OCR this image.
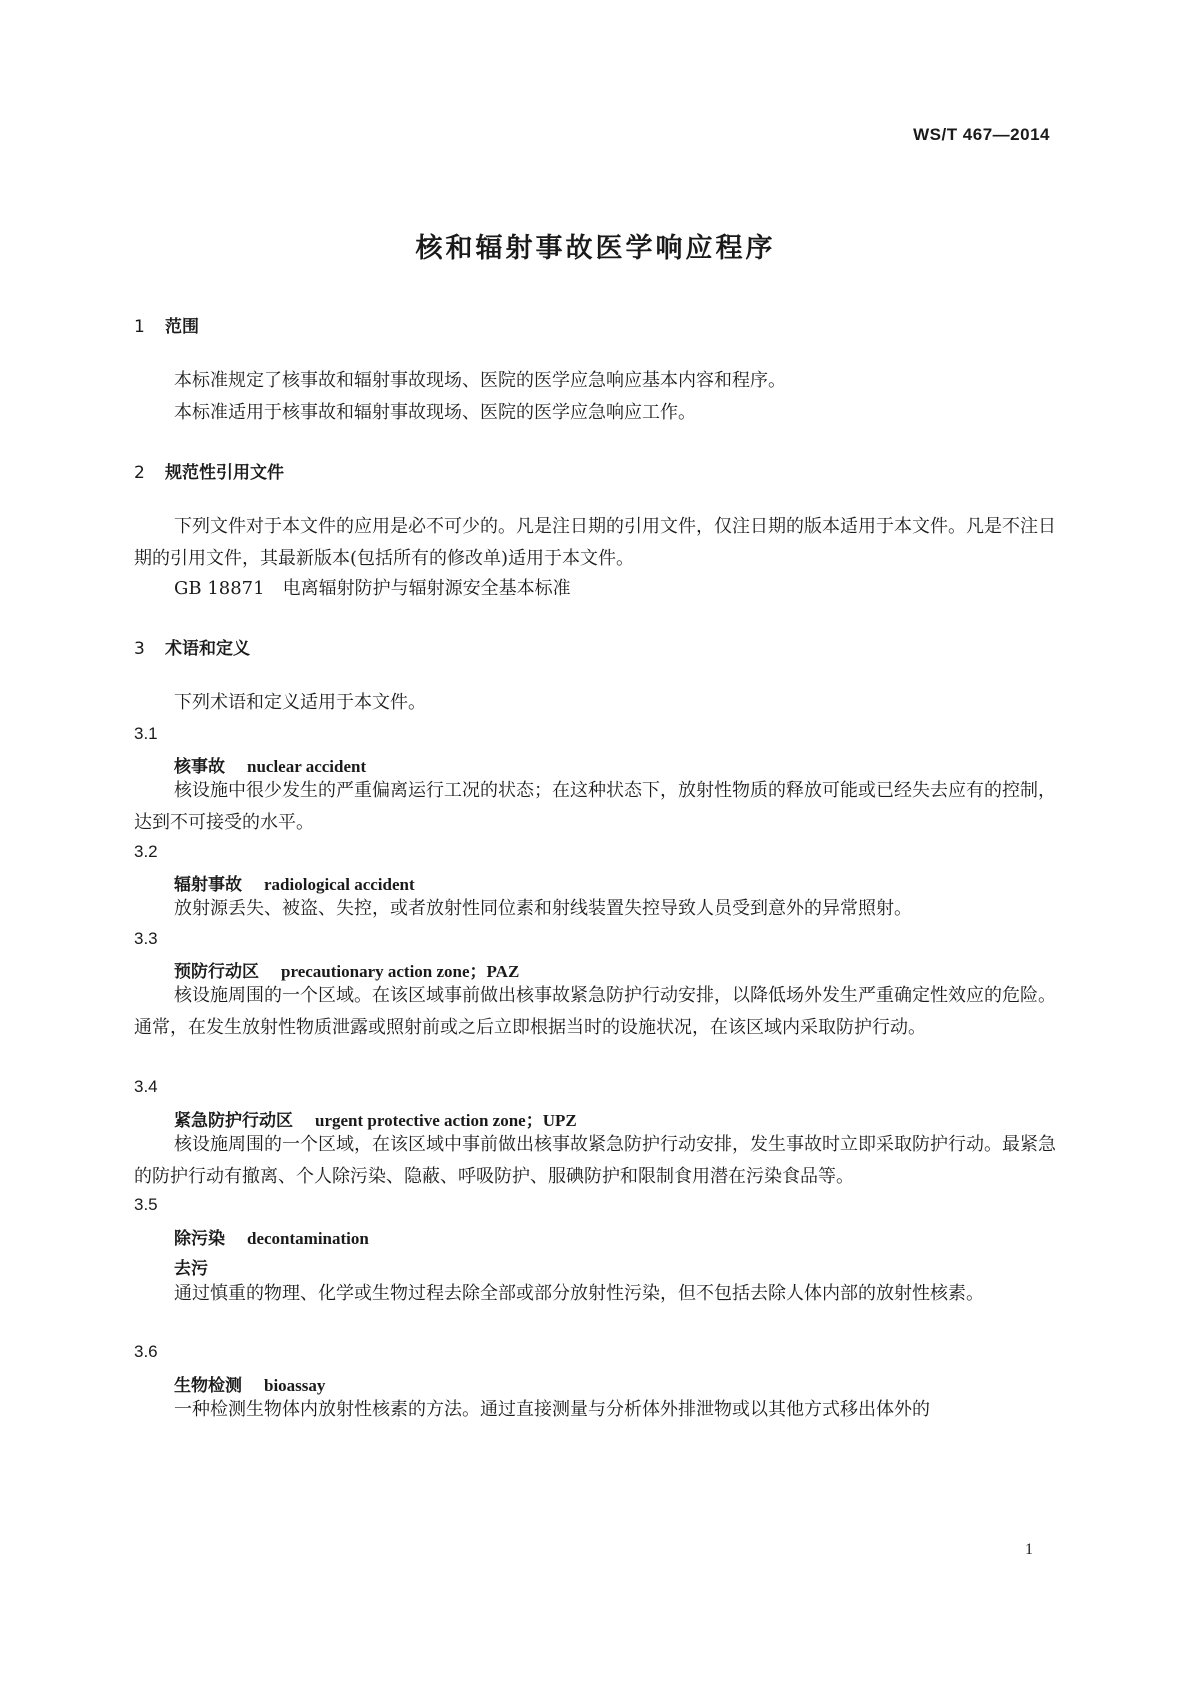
WS/T 467—2014
核和辐射事故医学响应程序
1 范围
本标准规定了核事故和辐射事故现场、医院的医学应急响应基本内容和程序。
本标准适用于核事故和辐射事故现场、医院的医学应急响应工作。
2 规范性引用文件
下列文件对于本文件的应用是必不可少的。凡是注日期的引用文件，仅注日期的版本适用于本文件。凡是不注日期的引用文件，其最新版本(包括所有的修改单)适用于本文件。
GB 18871　电离辐射防护与辐射源安全基本标准
3 术语和定义
下列术语和定义适用于本文件。
3.1
核事故 nuclear accident
核设施中很少发生的严重偏离运行工况的状态；在这种状态下，放射性物质的释放可能或已经失去应有的控制，达到不可接受的水平。
3.2
辐射事故 radiological accident
放射源丢失、被盗、失控，或者放射性同位素和射线装置失控导致人员受到意外的异常照射。
3.3
预防行动区 precautionary action zone；PAZ
核设施周围的一个区域。在该区域事前做出核事故紧急防护行动安排，以降低场外发生严重确定性效应的危险。通常，在发生放射性物质泄露或照射前或之后立即根据当时的设施状况，在该区域内采取防护行动。
3.4
紧急防护行动区 urgent protective action zone；UPZ
核设施周围的一个区域，在该区域中事前做出核事故紧急防护行动安排，发生事故时立即采取防护行动。最紧急的防护行动有撤离、个人除污染、隐蔽、呼吸防护、服碘防护和限制食用潜在污染食品等。
3.5
除污染 decontamination
去污
通过慎重的物理、化学或生物过程去除全部或部分放射性污染，但不包括去除人体内部的放射性核素。
3.6
生物检测 bioassay
一种检测生物体内放射性核素的方法。通过直接测量与分析体外排泄物或以其他方式移出体外的
1
